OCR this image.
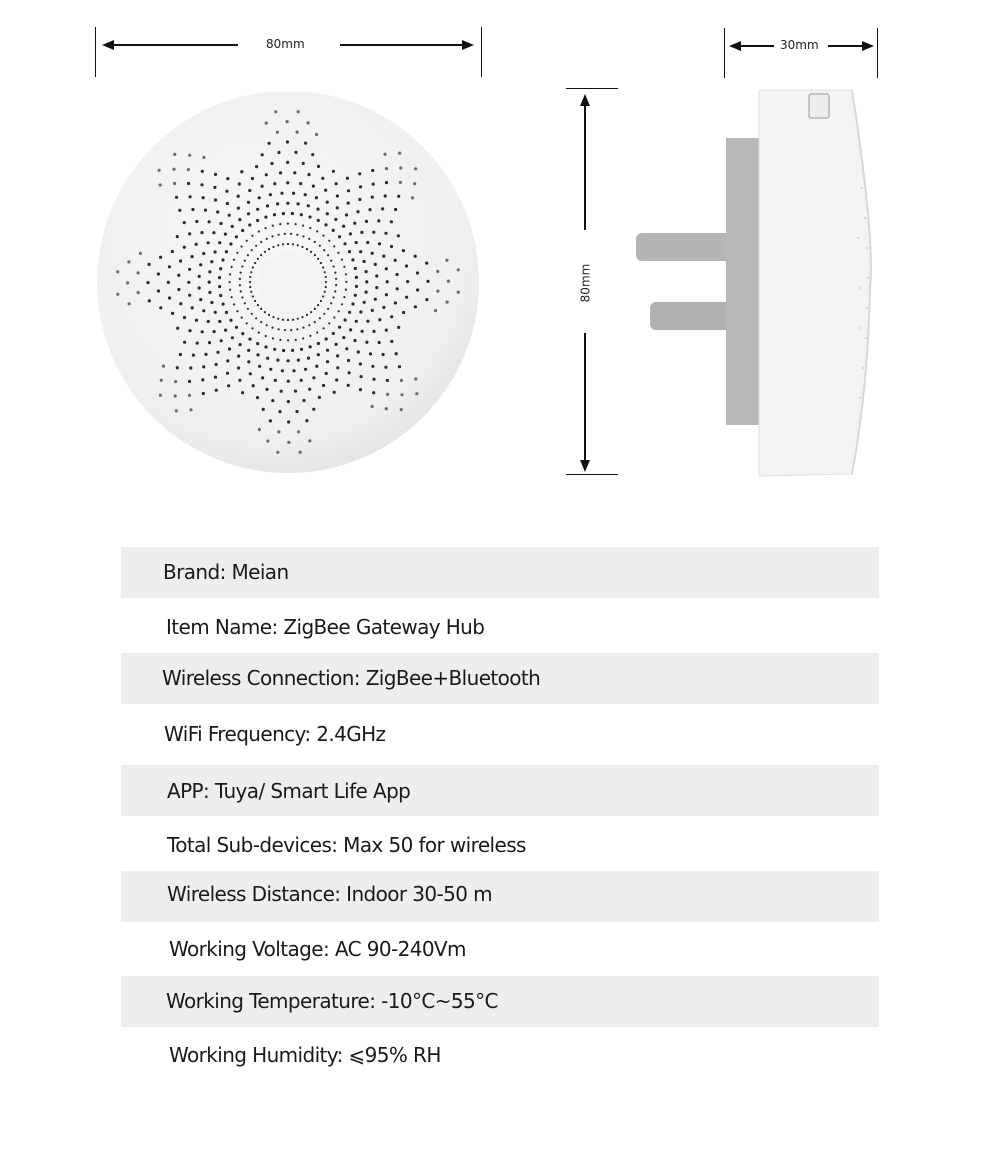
80mm	30mm
80mm
Brand: Meian
Item Name: ZigBee Gateway Hub
Wireless Connection: ZigBee+Bluetooth
WiFi Frequency: 2.4GHz
APP: Tuya/ Smart Life App
Total Sub-devices: Max 50 for wireless
Wireless Distance: Indoor 30-50 m
Working Voltage: AC 90-240Vm
Working Temperature: -10°C~55°C
Working Humidity: ⩽95% RH
